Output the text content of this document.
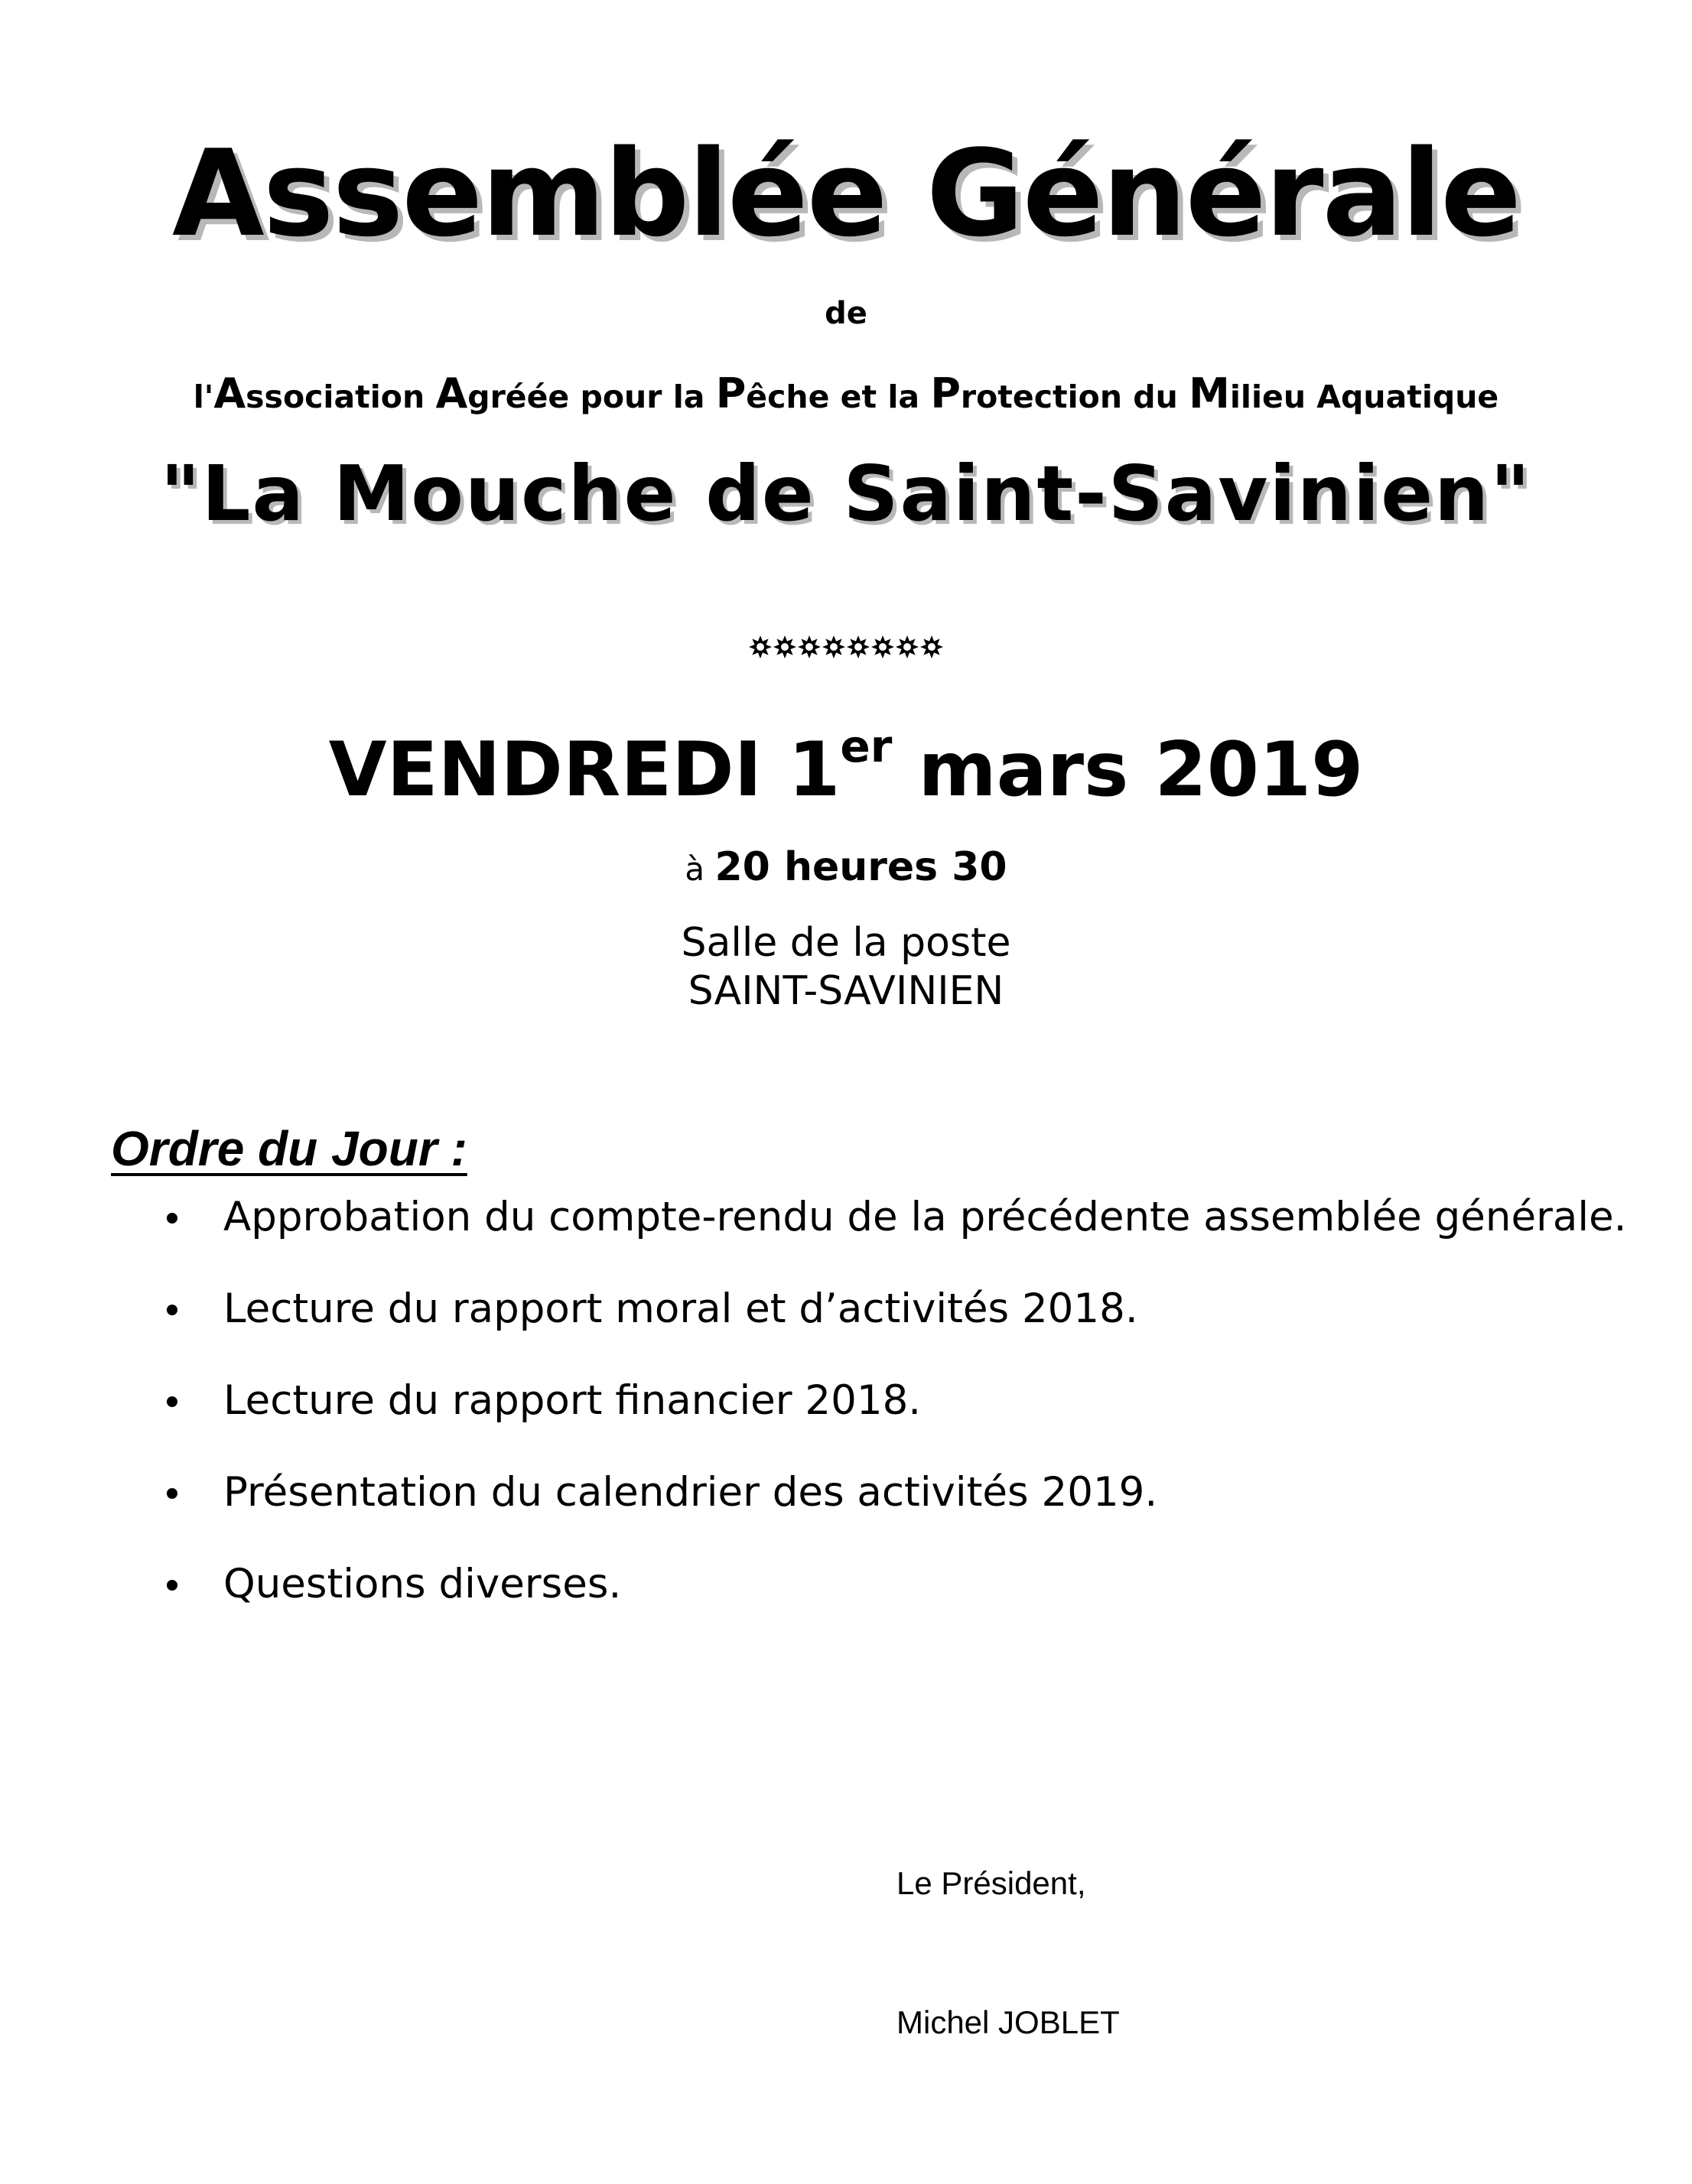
Assemblée Générale
de
l'Association Agréée pour la Pêche et la Protection du Milieu Aquatique
"La Mouche de Saint-Savinien"
VENDREDI 1er mars 2019
à 20 heures 30
Salle de la poste
SAINT-SAVINIEN
Ordre du Jour :
Approbation du compte-rendu de la précédente assemblée générale.
Lecture du rapport moral et d’activités 2018.
Lecture du rapport financier 2018.
Présentation du calendrier des activités 2019.
Questions diverses.
Le Président,
Michel JOBLET
